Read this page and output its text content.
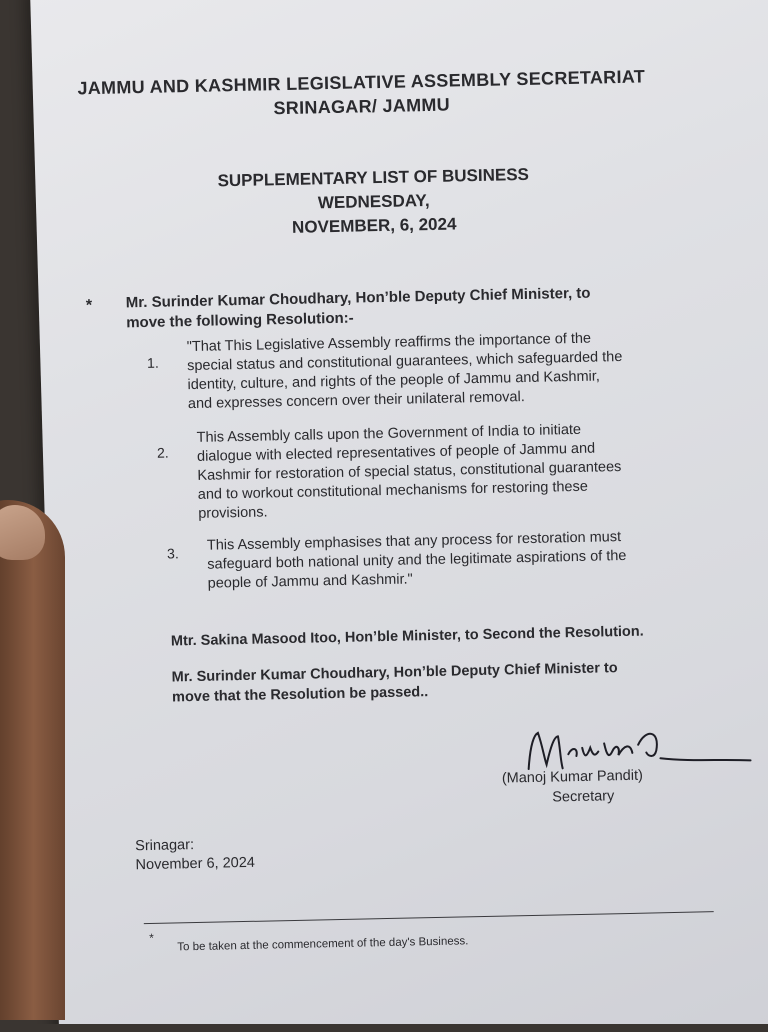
JAMMU AND KASHMIR LEGISLATIVE ASSEMBLY SECRETARIAT
SRINAGAR/ JAMMU
SUPPLEMENTARY LIST OF BUSINESS
WEDNESDAY,
NOVEMBER, 6, 2024
* Mr. Surinder Kumar Choudhary, Hon’ble Deputy Chief Minister, to
move the following Resolution:-
1.
"That This Legislative Assembly reaffirms the importance of the
special status and constitutional guarantees, which safeguarded the
identity, culture, and rights of the people of Jammu and Kashmir,
and expresses concern over their unilateral removal.
2.
This Assembly calls upon the Government of India to initiate
dialogue with elected representatives of people of Jammu and
Kashmir for restoration of special status, constitutional guarantees
and to workout constitutional mechanisms for restoring these
provisions.
3. This Assembly emphasises that any process for restoration must
safeguard both national unity and the legitimate aspirations of the
people of Jammu and Kashmir."
Mtr. Sakina Masood Itoo, Hon’ble Minister, to Second the Resolution.
Mr. Surinder Kumar Choudhary, Hon’ble Deputy Chief Minister to
move that the Resolution be passed..
(Manoj Kumar Pandit)
Secretary
Srinagar:
November 6, 2024
* To be taken at the commencement of the day's Business.
